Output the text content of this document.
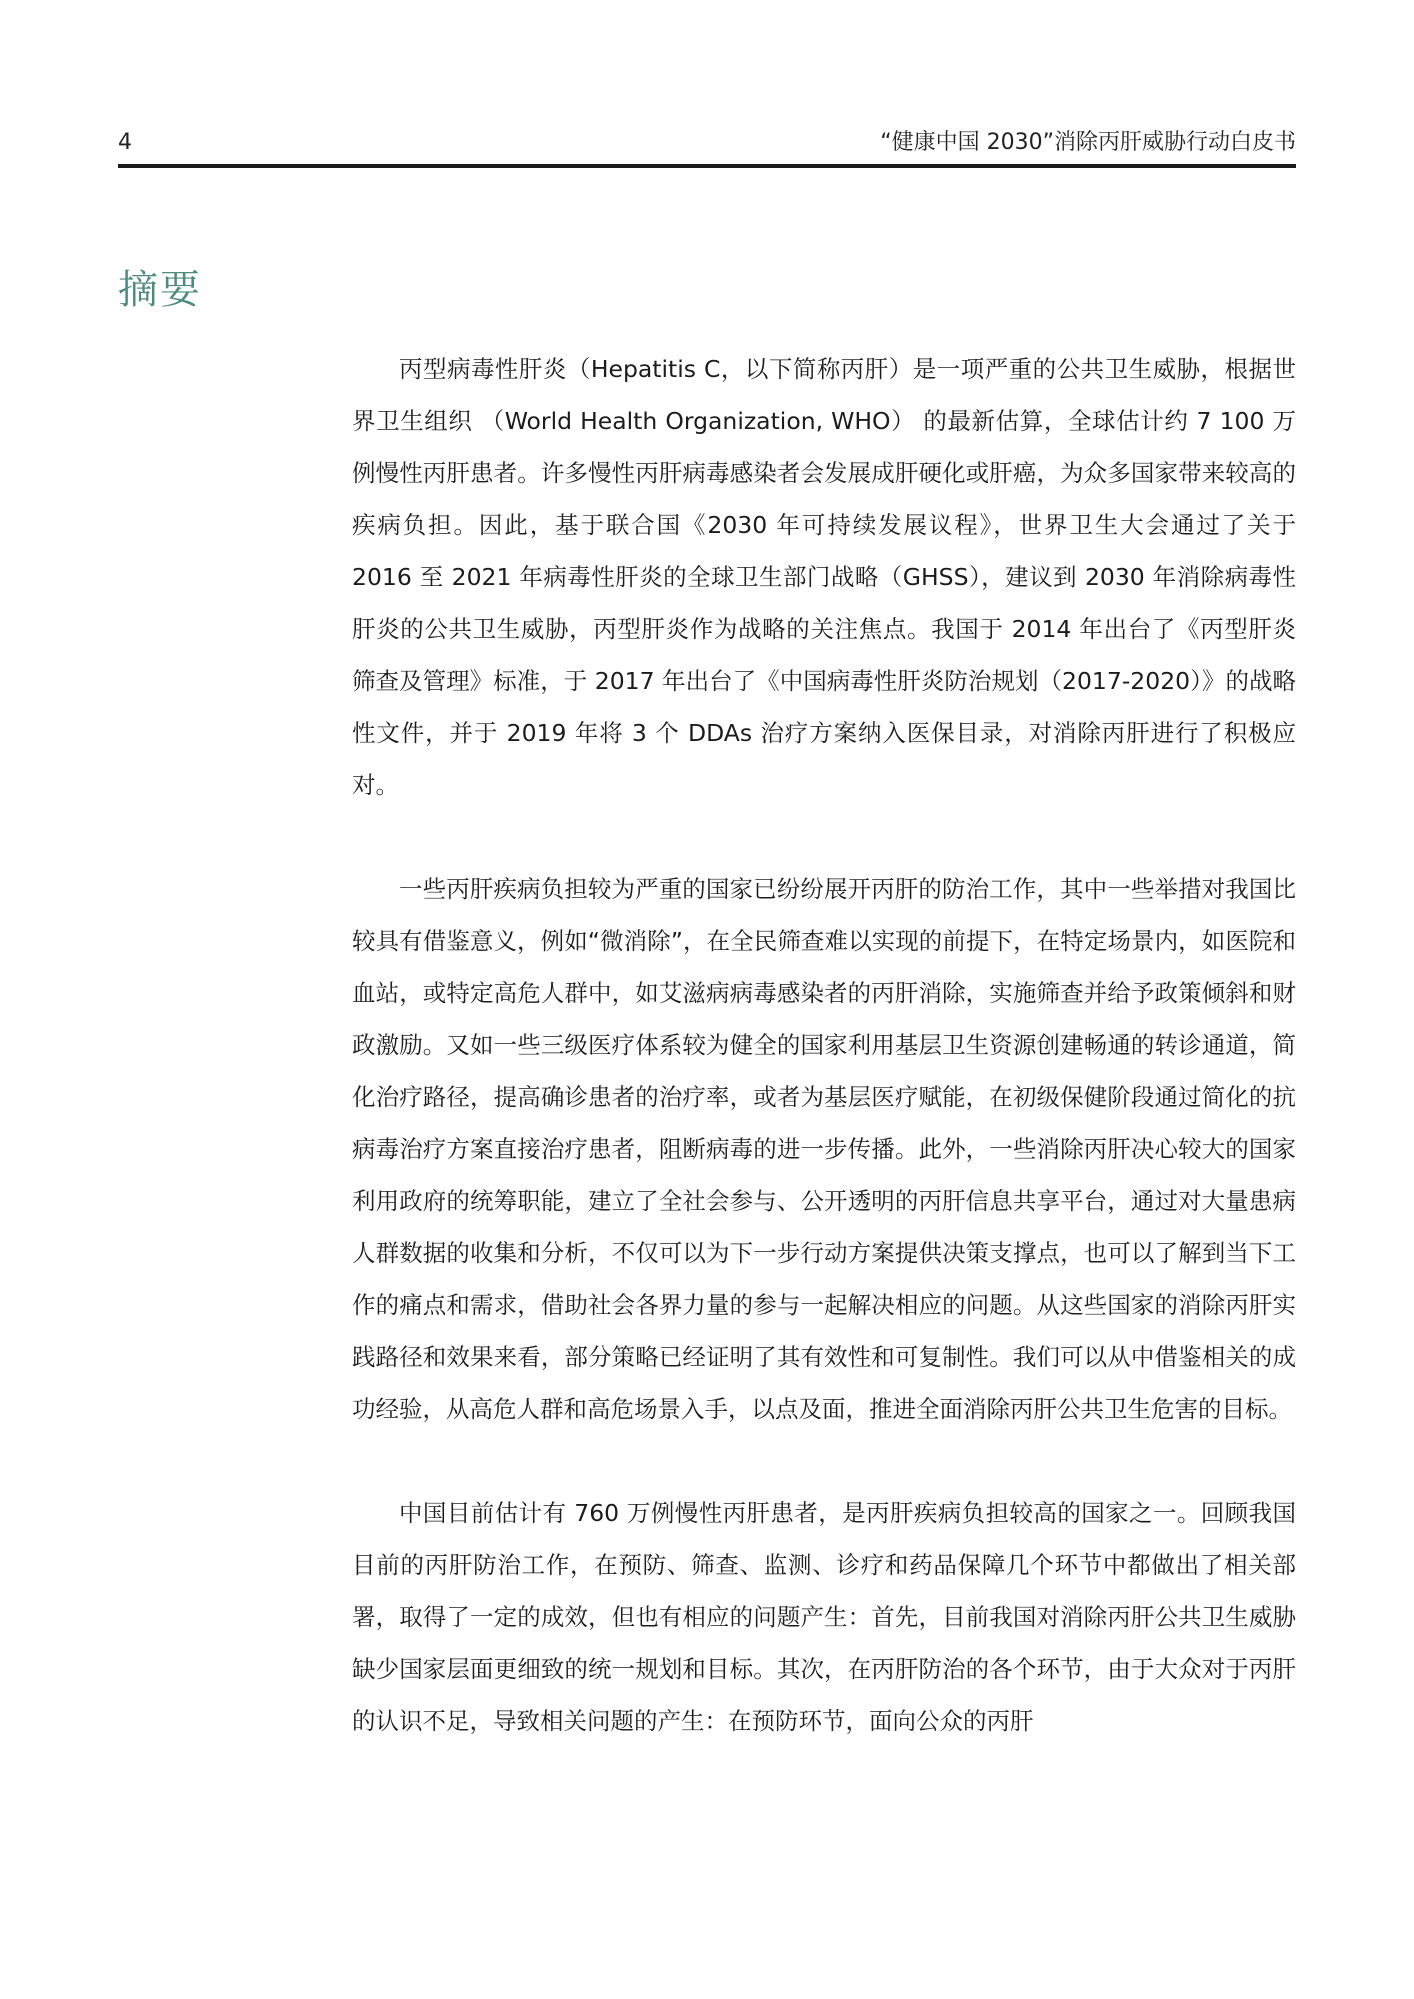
4	“健康中国 2030”消除丙肝威胁行动白皮书
摘要

丙型病毒性肝炎（Hepatitis C，以下简称丙肝）是一项严重的公共卫生威胁，根据世界卫生组织 （World Health Organization, WHO） 的最新估算，全球估计约 7 100 万例慢性丙肝患者。许多慢性丙肝病毒感染者会发展成肝硬化或肝癌，为众多国家带来较高的疾病负担。因此，基于联合国《2030 年可持续发展议程》，世界卫生大会通过了关于 2016 至 2021 年病毒性肝炎的全球卫生部门战略（GHSS），建议到 2030 年消除病毒性肝炎的公共卫生威胁，丙型肝炎作为战略的关注焦点。我国于 2014 年出台了《丙型肝炎筛查及管理》标准，于 2017 年出台了《中国病毒性肝炎防治规划（2017-2020）》的战略性文件，并于 2019 年将 3 个 DDAs 治疗方案纳入医保目录，对消除丙肝进行了积极应对。

一些丙肝疾病负担较为严重的国家已纷纷展开丙肝的防治工作，其中一些举措对我国比较具有借鉴意义，例如“微消除”，在全民筛查难以实现的前提下，在特定场景内，如医院和血站，或特定高危人群中，如艾滋病病毒感染者的丙肝消除，实施筛查并给予政策倾斜和财政激励。又如一些三级医疗体系较为健全的国家利用基层卫生资源创建畅通的转诊通道，简化治疗路径，提高确诊患者的治疗率，或者为基层医疗赋能，在初级保健阶段通过简化的抗病毒治疗方案直接治疗患者，阻断病毒的进一步传播。此外，一些消除丙肝决心较大的国家利用政府的统筹职能，建立了全社会参与、公开透明的丙肝信息共享平台，通过对大量患病人群数据的收集和分析，不仅可以为下一步行动方案提供决策支撑点，也可以了解到当下工作的痛点和需求，借助社会各界力量的参与一起解决相应的问题。从这些国家的消除丙肝实践路径和效果来看，部分策略已经证明了其有效性和可复制性。我们可以从中借鉴相关的成功经验，从高危人群和高危场景入手，以点及面，推进全面消除丙肝公共卫生危害的目标。

中国目前估计有 760 万例慢性丙肝患者，是丙肝疾病负担较高的国家之一。回顾我国目前的丙肝防治工作，在预防、筛查、监测、诊疗和药品保障几个环节中都做出了相关部署，取得了一定的成效，但也有相应的问题产生：首先，目前我国对消除丙肝公共卫生威胁缺少国家层面更细致的统一规划和目标。其次，在丙肝防治的各个环节，由于大众对于丙肝的认识不足，导致相关问题的产生：在预防环节，面向公众的丙肝
